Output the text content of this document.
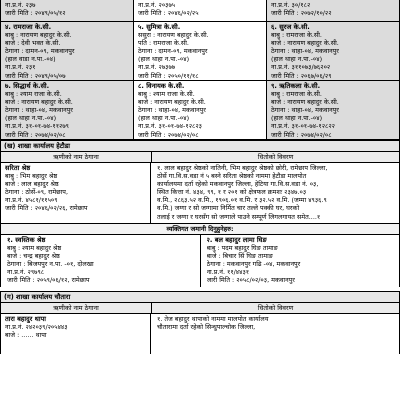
ना.प्र.नं. २३७
जारी मिति : २०४९/०५/१२
ना.प्र.नं. २०३७५
जारी मिति : २०४६/०२/२५
ना.प्र.नं. ३०/१८२
जारी मिति : २०७२/१०/२२
४. रामराजा के.सी.
बाबु : नारायण बहादुर के.सी.
बाजे : देवी भक्त के.सी.
ठेगाना : दामन-०९, मकवानपुर
(हाल वाडा न.पा.-०४)
ना.प्र.नं. २३१
जारी मिति : २०४९/०५/०७
५. सुमित्रा के.सी.
ससुरा : नारायण बहादुर के.सी.
पति : रामराजा के.सी.
ठेगाना : दामन-०९, मकवानपुर
(हाल थाहा न.पा.-०४)
ना.प्र.नं. २७३७७
जारी मिति : २०५०/११/१८
६. सुरज के.सी.
बाबु : रामराजा के.सी.
बाजे : नारायण बहादुर के.सी.
ठेगाना : थाहा-०४, मकवानपुर
(हाल थाहा न.पा.-०४)
ना.प्र.नं. ३११०७३/७६२०२
जारी मिति : २०६७/०६/२९
७. सिद्धार्थ के.सी.
बाबु : श्याम राजा के.सी.
बाजे : नारायण बहादुर के.सी.
ठेगाना : थाहा-०४, मकवानपुर
(हाल थाहा न.पा.-०४)
ना.प्र.नं. ३१-०१-७४-११२७९
जारी मिति : २०७४/०२/०८
८. विनायक के.सी.
बाबु : श्याम राजा के.सी.
बाजे : नारायण बहादुर के.सी.
ठेगाना : थाहा-०४, मकवानपुर
(हाल थाहा न.पा.-०४)
ना.प्र.नं. ३१-०१-७४-१२८२३
जारी मिति : २०७४/०२/०८
९. ऋतिकला के.सी.
बाबु : रामराजा के.सी.
बाजे : नारायण बहादुर के.सी.
ठेगाना : थाहा-०४, मकवानपुर
(हाल थाहा न.पा.-०४)
ना.प्र.नं. ३१-०१-७४-१२८२२
जारी मिति : २०७४/०२/०८
(ख) शाखा कार्यालय हेटौडा
ऋणीको नाम ठेगाना	धितोको विवरण
सरिता श्रेष्ठ
बाबु : भिम बहादुर श्रेष्ठ
बाजे : लाल बहादुर श्रेष्ठ
ठेगाना : ठोर्से-०९, रामेछाप,
ना.प्र.नं. ४५८१/११५०९
जारी मिति : २०४६/०२/२६, रामेछाप
१. लाल बहादुर श्रेष्ठको नातिनी, भिम बहादुर श्रेष्ठको छोरी, रामेछाप जिल्ला,
ठोर्से गा.वि.स.वडा नं ५ बस्ने सरिता श्रेष्ठको नाममा हेटौडा मालपोत
कार्यालयमा दर्ता रहेको मकवानपुर जिल्ला, हेटिया गा.वि.स.वडा नं. ०३,
स्थित कित्ता नं. ४३४, ९९, १ र २०१ को क्षेत्रफल क्रमशः २३४७.०३
व.मि., २८६३.५२ व.मि., १९०६.०१ व.मि. र ३२.५२ व.मि. (जम्मा ४९३६.९
व.मि.) जग्गा र सो जग्गामा निर्मित चार तल्ले पक्की घर, घरको
तलाई र जग्गा र घरसँग सो जग्गाले पाउने सम्पूर्ण लिगलगायत समेत....१
व्यक्तिगत जमानी दिनुहुनेहरु:
१. स्वस्तिक श्रेष्ठ
बाबु : श्याम बहादुर श्रेष्ठ
बाजे : चन्द्र बहादुर श्रेष्ठ
ठेगाना : बिजयपुर न.पा. -०१, दोलखा
ना.प्र.नं. २९७९८
जारी मिति : २०५९/०६/१२, रामेछाप
२. बल बहादुर लामा घिङ
बाबु : पदम बहादुर घिङ तामाङ
बाजे : बिचार सिं घिङ तामाङ
ठेगाना : मकवानपुर गढि -०४, मकवानपुर
ना.प्र.नं. ११/४४३१
जारी मिति : २०५८/०२/०३, मकवानपुर
(ग) शाखा कार्यालय चौतारा
ऋणीको नाम ठेगाना	धितोको विवरण
तारा बहादुर थापा
ना.प्र.नं. २४२०३९/२०५४४३
बाजे : ...... थापा
१. तेज बहादुर थापाको नाममा मालपोत कार्यालय
चौतारामा दर्ता रहेको सिन्धुपाल्चोक जिल्ला,
